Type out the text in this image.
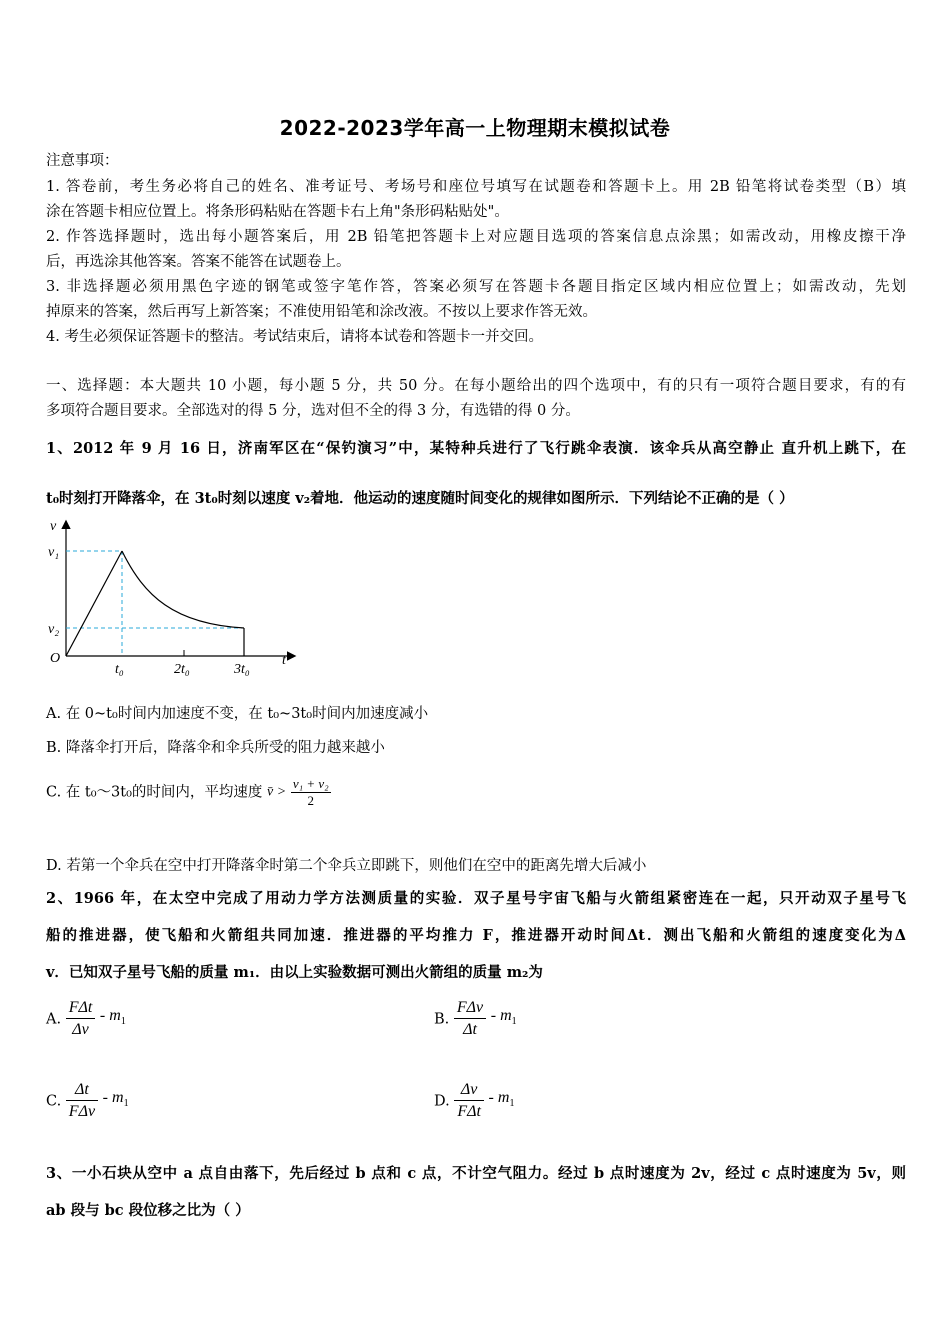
2022-2023学年高一上物理期末模拟试卷
注意事项：
1. 答卷前，考生务必将自己的姓名、准考证号、考场号和座位号填写在试题卷和答题卡上。用 2B 铅笔将试卷类型（B）填
涂在答题卡相应位置上。将条形码粘贴在答题卡右上角"条形码粘贴处"。
2. 作答选择题时，选出每小题答案后，用 2B 铅笔把答题卡上对应题目选项的答案信息点涂黑；如需改动，用橡皮擦干净
后，再选涂其他答案。答案不能答在试题卷上。
3. 非选择题必须用黑色字迹的钢笔或签字笔作答，答案必须写在答题卡各题目指定区域内相应位置上；如需改动，先划
掉原来的答案，然后再写上新答案；不准使用铅笔和涂改液。不按以上要求作答无效。
4. 考生必须保证答题卡的整洁。考试结束后，请将本试卷和答题卡一并交回。
一、选择题：本大题共 10 小题，每小题 5 分，共 50 分。在每小题给出的四个选项中，有的只有一项符合题目要求，有的有
多项符合题目要求。全部选对的得 5 分，选对但不全的得 3 分，有选错的得 0 分。
1、2012 年 9 月 16 日，济南军区在“保钓演习”中，某特种兵进行了飞行跳伞表演．该伞兵从高空静止 直升机上跳下，在
t₀时刻打开降落伞，在 3t₀时刻以速度 v₂着地．他运动的速度随时间变化的规律如图所示．下列结论不正确的是（ ）
v
t
O
v₁
v₂
t₀	2t₀	3t₀
A. 在 0~t₀时间内加速度不变，在 t₀~3t₀时间内加速度减小
B. 降落伞打开后，降落伞和伞兵所受的阻力越来越小
C. 在 t₀～3t₀的时间内，平均速度 v̄ > $\frac{\text{v₁ + v₂}}{2}$
D. 若第一个伞兵在空中打开降落伞时第二个伞兵立即跳下，则他们在空中的距离先增大后减小
2、1966 年，在太空中完成了用动力学方法测质量的实验．双子星号宇宙飞船与火箭组紧密连在一起，只开动双子星号飞
船的推进器，使飞船和火箭组共同加速．推进器的平均推力 F，推进器开动时间Δt．测出飞船和火箭组的速度变化为Δ
v．已知双子星号飞船的质量 m₁．由以上实验数据可测出火箭组的质量 m₂为
A. $\frac{\text{FΔt}}{\Delta v} - m_1$	B. $\frac{\text{FΔv}}{\Delta t} - m_1$
C. $\frac{\Delta t}{\text{FΔv}} - m_1$	D. $\frac{\Delta v}{\text{FΔt}} - m_1$
3、一小石块从空中 a 点自由落下，先后经过 b 点和 c 点，不计空气阻力。经过 b 点时速度为 2v，经过 c 点时速度为 5v，则
ab 段与 bc 段位移之比为（ ）
